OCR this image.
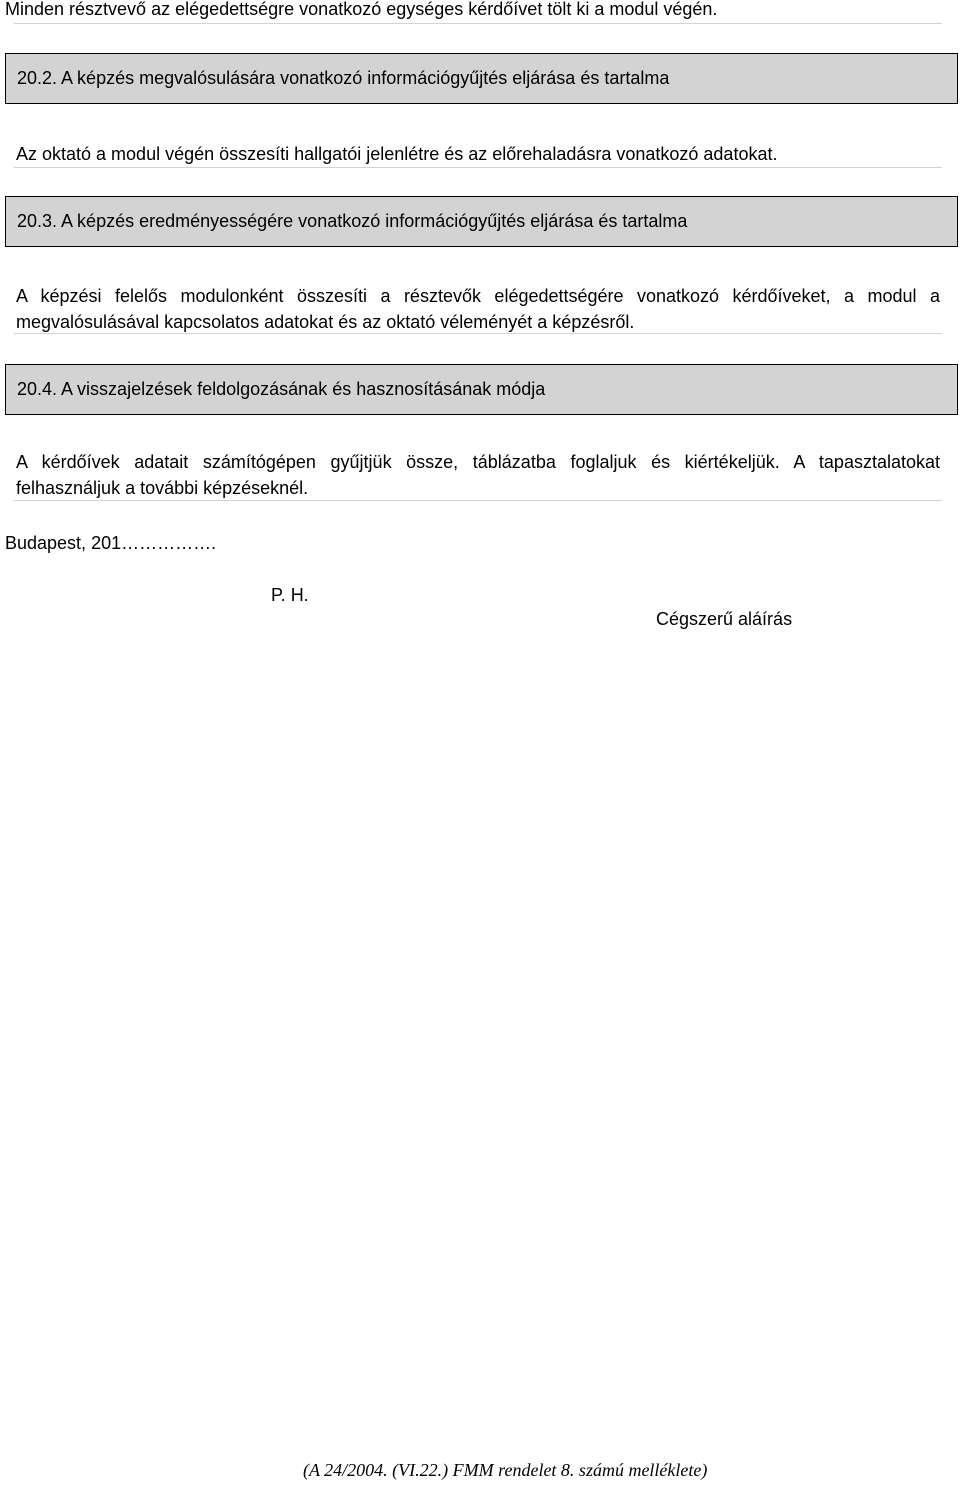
Minden résztvevő az elégedettségre vonatkozó egységes kérdőívet tölt ki a modul végén.
20.2. A képzés megvalósulására vonatkozó információgyűjtés eljárása és tartalma
Az oktató a modul végén összesíti hallgatói jelenlétre és az előrehaladásra vonatkozó adatokat.
20.3. A képzés eredményességére vonatkozó információgyűjtés eljárása és tartalma
A képzési felelős modulonként összesíti a résztevők elégedettségére vonatkozó kérdőíveket, a modul a megvalósulásával kapcsolatos adatokat és az oktató véleményét a képzésről.
20.4. A visszajelzések feldolgozásának és hasznosításának módja
A kérdőívek adatait számítógépen gyűjtjük össze, táblázatba foglaljuk és kiértékeljük. A tapasztalatokat felhasználjuk a további képzéseknél.
Budapest, 201…………….
P. H.
Cégszerű aláírás
(A 24/2004. (VI.22.) FMM rendelet 8. számú melléklete)
